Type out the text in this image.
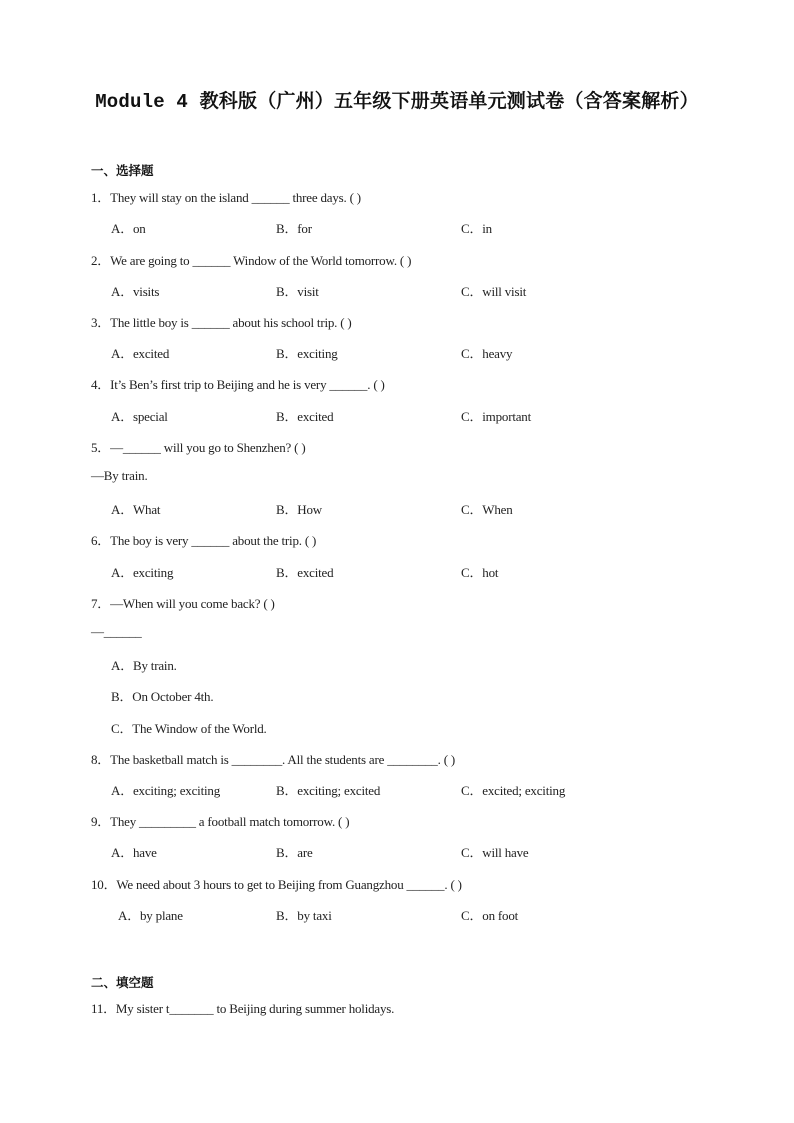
Module 4 教科版（广州）五年级下册英语单元测试卷（含答案解析）
一、选择题
1．They will stay on the island ______ three days. ( )
A．on	B．for	C．in
2．We are going to ______ Window of the World tomorrow. ( )
A．visits	B．visit	C．will visit
3．The little boy is ______ about his school trip. ( )
A．excited	B．exciting	C．heavy
4．It’s Ben’s first trip to Beijing and he is very ______. ( )
A．special	B．excited	C．important
5．—______ will you go to Shenzhen? ( )
—By train.
A．What	B．How	C．When
6．The boy is very ______ about the trip. ( )
A．exciting	B．excited	C．hot
7．—When will you come back? ( )
—______
A．By train.
B．On October 4th.
C．The Window of the World.
8．The basketball match is ________. All the students are ________. ( )
A．exciting; exciting	B．exciting; excited	C．excited; exciting
9．They _________ a football match tomorrow. ( )
A．have	B．are	C．will have
10．We need about 3 hours to get to Beijing from Guangzhou ______. ( )
A．by plane	B．by taxi	C．on foot
二、填空题
11．My sister t_______ to Beijing during summer holidays.
